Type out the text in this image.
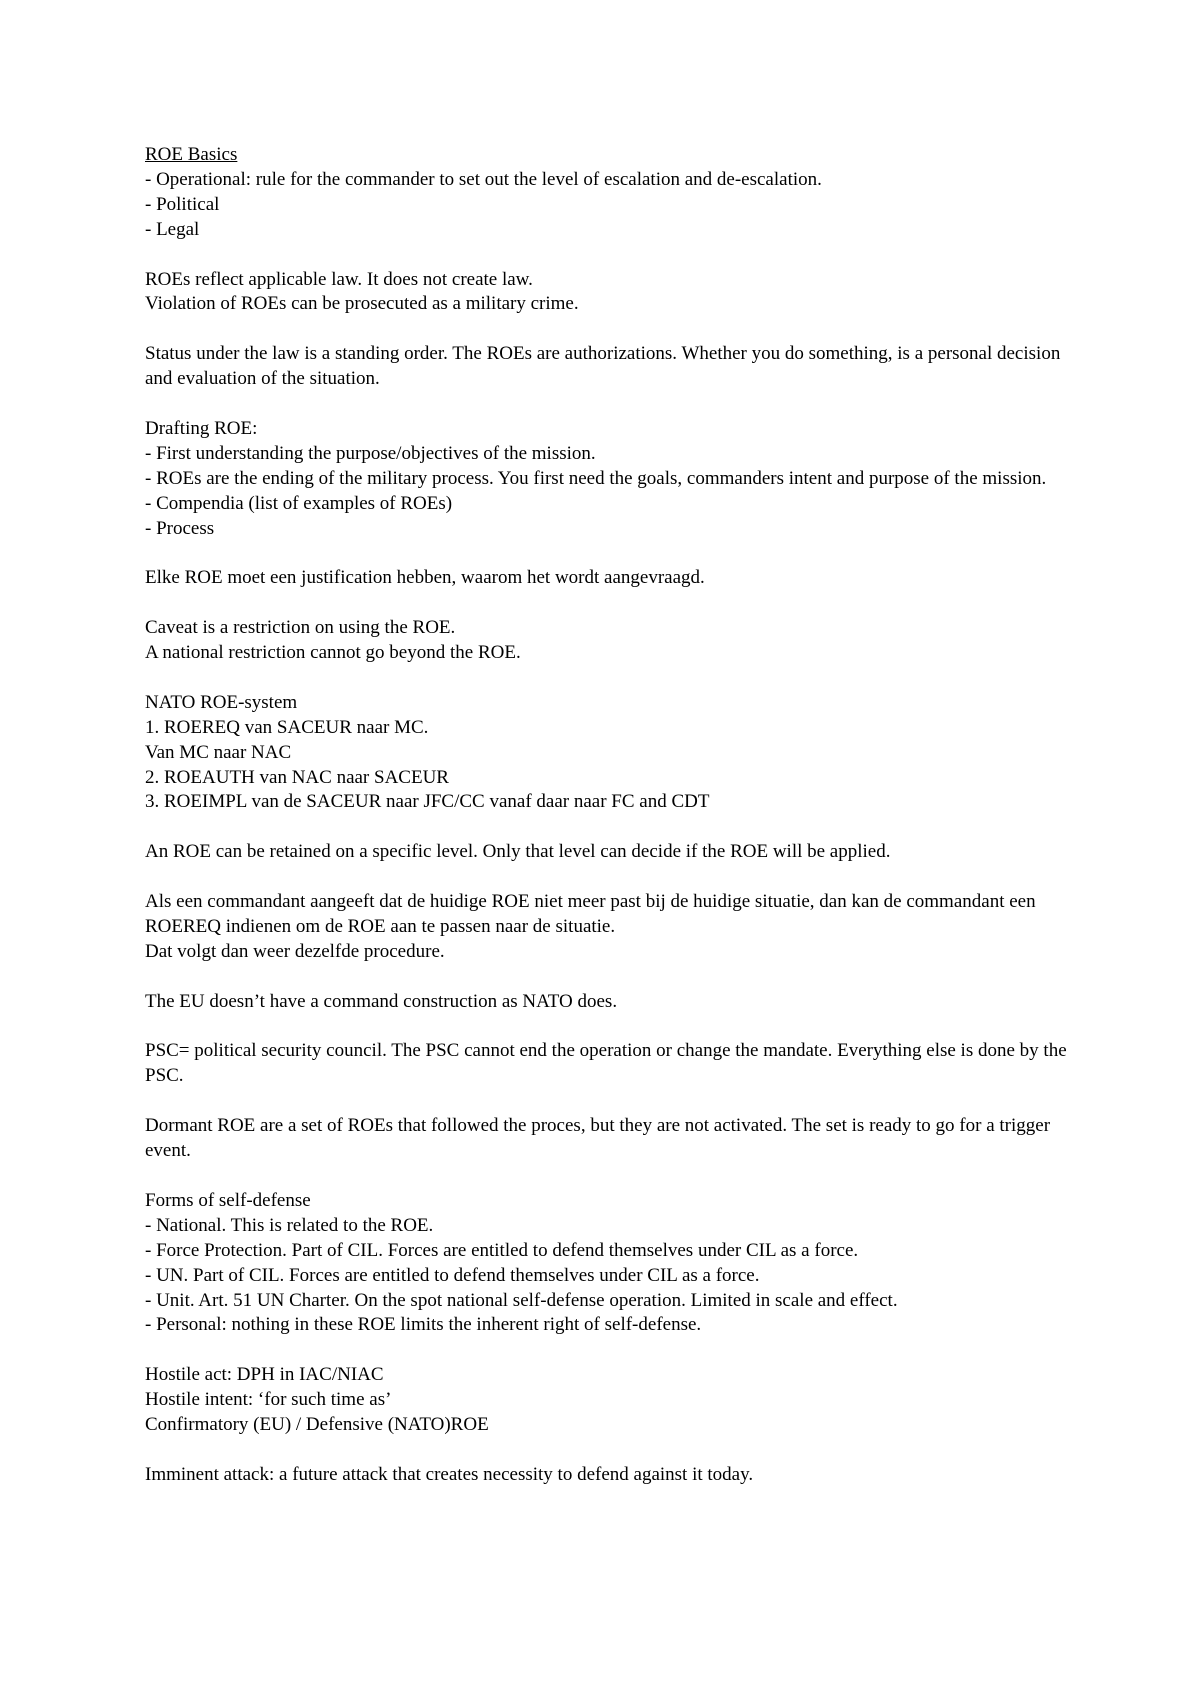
ROE Basics
- Operational: rule for the commander to set out the level of escalation and de-escalation.
- Political
- Legal
ROEs reflect applicable law. It does not create law.
Violation of ROEs can be prosecuted as a military crime.
Status under the law is a standing order. The ROEs are authorizations. Whether you do something, is a personal decision and evaluation of the situation.
Drafting ROE:
- First understanding the purpose/objectives of the mission.
- ROEs are the ending of the military process. You first need the goals, commanders intent and purpose of the mission.
- Compendia (list of examples of ROEs)
- Process
Elke ROE moet een justification hebben, waarom het wordt aangevraagd.
Caveat is a restriction on using the ROE.
A national restriction cannot go beyond the ROE.
NATO ROE-system
1. ROEREQ van SACEUR naar MC.
Van MC naar NAC
2. ROEAUTH van NAC naar SACEUR
3. ROEIMPL van de SACEUR naar JFC/CC vanaf daar naar FC and CDT
An ROE can be retained on a specific level. Only that level can decide if the ROE will be applied.
Als een commandant aangeeft dat de huidige ROE niet meer past bij de huidige situatie, dan kan de commandant een ROEREQ indienen om de ROE aan te passen naar de situatie.
Dat volgt dan weer dezelfde procedure.
The EU doesn’t have a command construction as NATO does.
PSC= political security council. The PSC cannot end the operation or change the mandate. Everything else is done by the PSC.
Dormant ROE are a set of ROEs that followed the proces, but they are not activated. The set is ready to go for a trigger event.
Forms of self-defense
- National. This is related to the ROE.
- Force Protection. Part of CIL. Forces are entitled to defend themselves under CIL as a force.
- UN. Part of CIL. Forces are entitled to defend themselves under CIL as a force.
- Unit. Art. 51 UN Charter. On the spot national self-defense operation. Limited in scale and effect.
- Personal: nothing in these ROE limits the inherent right of self-defense.
Hostile act: DPH in IAC/NIAC
Hostile intent: ‘for such time as’
Confirmatory (EU) / Defensive (NATO)ROE
Imminent attack: a future attack that creates necessity to defend against it today.
